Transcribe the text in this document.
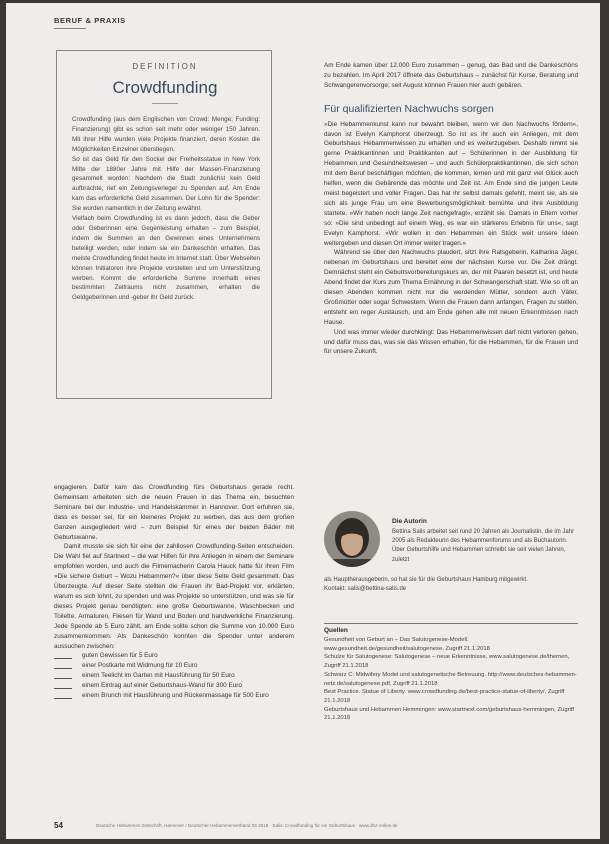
BERUF & PRAXIS
DEFINITION
Crowdfunding

Crowdfunding (aus dem Englischen von Crowd: Menge; Funding: Finanzierung) gibt es schon seit mehr oder weniger 150 Jahren. Mit ihrer Hilfe wurden viele Projekte finanziert, deren Kosten die Möglichkeiten Einzelner überstiegen.

So ist das Geld für den Sockel der Freiheitsstatue in New York Mitte der 1880er Jahre mit Hilfe der Massen-Finanzierung gesammelt worden: Nachdem die Stadt zunächst kein Geld aufbrachte, rief ein Zeitungsverleger zu Spenden auf. Am Ende kam das erforderliche Geld zusammen. Der Lohn für die Spender: Sie wurden namentlich in der Zeitung erwähnt.

Vielfach beim Crowdfunding ist es dann jedoch, dass die Geber oder Geberinnen eine Gegenleistung erhalten – zum Beispiel, indem die Summen an den Gewinnen eines Unternehmens beteiligt werden, oder indem sie ein Dankeschön erhalten. Das meiste Crowdfunding findet heute im Internet statt. Über Webseiten können Initiatoren ihre Projekte vorstellen und um Unterstützung werben. Kommt die erforderliche Summe innerhalb eines bestimmten Zeitraums nicht zusammen, erhalten die Geldgeberinnen und -geber ihr Geld zurück.

engagieren. Dafür kam das Crowdfunding fürs Geburtshaus gerade recht. Gemeinsam arbeiteten sich die neuen Frauen in das Thema ein, besuchten Seminare bei der Industrie- und Handelskammer in Hannover. Dort erfuhren sie, dass es besser sei, für ein kleineres Projekt zu werben, das aus dem großen Ganzen ausgegliedert wird – zum Beispiel für eines der beiden Bäder mit Geburtswanne.

Damit musste sie sich für eine der zahllosen Crowdfunding-Seiten entscheiden. Die Wahl fiel auf Startnext – die war Hilfen für ihre Anliegen in einem der Seminare empfohlen worden, und auch die Filmemacherin Carola Hauck hatte für ihren Film »Die sichere Geburt – Wozu Hebammen?« über diese Seite Geld gesammelt. Das Überzeugte. Auf dieser Seite stellten die Frauen ihr Bad-Projekt vor, erklärten, warum es sich lohnt, zu spenden und was Projekte so unterstützen, und was sie für dieses Projekt genau benötigten: eine große Geburtswanne, Waschbecken und Toilette, Armaturen, Fliesen für Wand und Boden und handwerkliche Finanzierung. Jede Spende ab 5 Euro zählt, am Ende sollte schon die Summe von 10.000 Euro zusammenkommen. Als Dankeschön konnten die Spender unter anderem aussuchen zwischen:

guten Gewissen für 5 Euro
einer Postkarte mit Widmung für 10 Euro
einem Teelicht im Garten mit Hausführung für 50 Euro
einem Eintrag auf einer Geburtshaus-Wand für 300 Euro
einem Brunch mit Hausführung und Rückenmassage für 500 Euro

Am Ende kamen über 12.000 Euro zusammen – genug, das Bad und die Dankeschöns zu bezahlen. Im April 2017 öffnete das Geburtshaus – zunächst für Kurse, Beratung und Schwangerenvorsorge; seit August können Frauen hier auch gebären.

Für qualifizierten Nachwuchs sorgen

»Die Hebammenkunst kann nur bewahrt bleiben, wenn wir den Nachwuchs fördern«, davon ist Evelyn Kamphorst überzeugt. So ist es ihr auch ein Anliegen, mit dem Geburtshaus Hebammenwissen zu erhalten und es weiterzugeben. Deshalb nimmt sie gerne Praktikantinnen und Praktikanten auf – Schülerinnen in der Ausbildung für Hebammen und Gesundheitswesen – und auch Schülerpraktikantinnen, die sich schon mit dem Beruf beschäftigen möchten, die kommen, lernen und mit ganz viel Glück auch helfen, wenn die Gebärende das möchte und Zeit ist. Am Ende sind die jungen Leute meist begeistert und voller Fragen. Das hat ihr selbst damals gefehlt, meint sie, als sie sich als junge Frau um eine Bewerbungsmöglichkeit bemühte und ihre Ausbildung startete. »Wir haben noch lange Zeit nachgefragt«, erzählt sie. Damals in Eltern vorher so: »Die sind unbedingt auf einem Weg, es war ein stärkeres Erlebnis für uns«, sagt Evelyn Kamphorst. »Wir wollen in den Hebammen ein Stück weit unsere Ideen weitergeben und diesen Ort immer weiter tragen.«

Während sie über den Nachwuchs plaudert, sitzt ihre Ratsgeberin, Katharina Jäger, nebenan im Geburtshaus und bereitet eine der nächsten Kurse vor. Die Zeit drängt. Demnächst steht ein Geburtsvorbereitungskurs an, der mit Paaren besetzt ist, und heute Abend findet der Kurs zum Thema Ernährung in der Schwangerschaft statt. Wie so oft an diesen Abenden kommen nicht nur die werdenden Mütter, sondern auch Väter, Großmütter oder sogar Schwestern. Wenn die Frauen dann anfangen, Fragen zu stellen, entsteht ein reger Austausch, und am Ende gehen alle mit neuen Erkenntnissen nach Hause.

Und was immer wieder durchklingt: Das Hebammenwissen darf nicht verloren gehen, und dafür muss das, was sie das Wissen erhalten, für die Hebammen, für die Frauen und für unsere Zukunft.

Die Autorin
Bettina Salis arbeitet seit rund 20 Jahren als Journalistin, die im Jahr 2005 als Redakteurin des Hebammenforums und als Buchautorin. Über Geburtshilfe und Hebammen schreibt sie seit vielen Jahren, zuletzt
als Hauptherausgeberin, so hat sie für die Geburtshaus Hamburg mitgewirkt.
Kontakt: salis@bettina-salis.de
Quellen

Gesundheit von Geburt an – Das Salutogenese-Modell. www.gesundheit.de/gesundheit/salutogenese, Zugriff 21.1.2018

Schulze für Salutogenese: Salutogenese – neue Erkenntnisse, www.salutogenese.de/themen, Zugriff 21.1.2018

Schwarz C: Midwifery Model und salutogenetische Betreuung. http://www.deutsches-hebammen-netz.de/salutogenese.pdf, Zugriff 21.1.2018

Best Practice. Statue of Liberty. www.crowdfunding.de/best-practice-statue-of-liberty/, Zugriff 21.1.2018

Geburtshaus und Hebammen Hemmingen: www.startnext.com/geburtshaus-hemmingen, Zugriff 21.1.2018

54	Deutsche Hebammen Zeitschrift, Hannover / Deutscher Hebammenverband 03 2018 · Salis: Crowdfunding für ein Geburtshaus · www.dhz-online.de
